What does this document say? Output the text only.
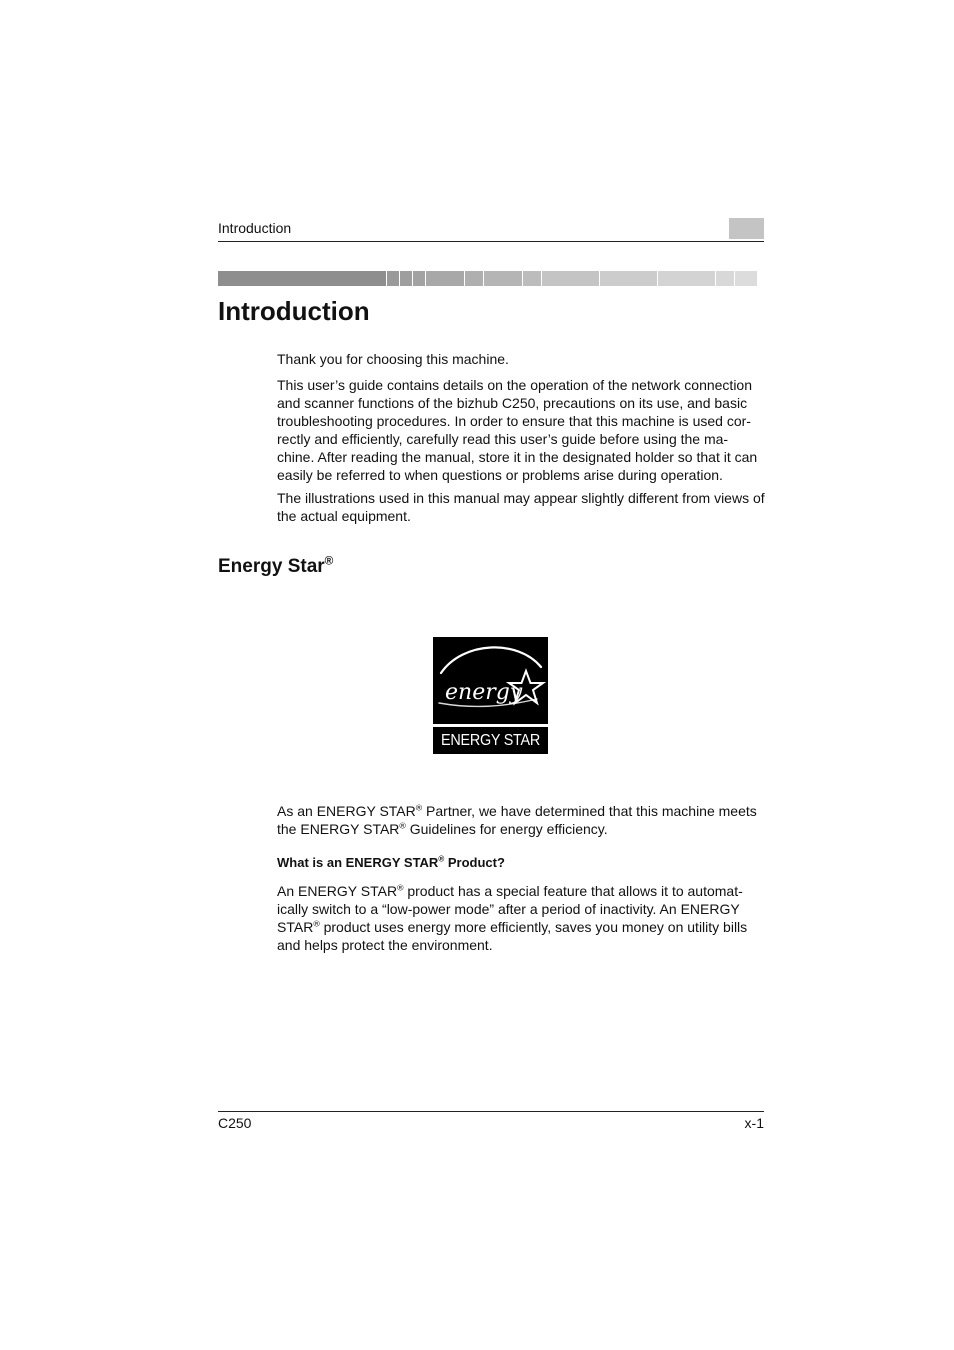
Introduction
Introduction

Thank you for choosing this machine.

This user’s guide contains details on the operation of the network connection and scanner functions of the bizhub C250, precautions on its use, and basic troubleshooting procedures. In order to ensure that this machine is used cor-rectly and efficiently, carefully read this user’s guide before using the ma-chine. After reading the manual, store it in the designated holder so that it can easily be referred to when questions or problems arise during operation.

The illustrations used in this manual may appear slightly different from views of the actual equipment.

Energy Star®
energy
ENERGY STAR

As an ENERGY STAR® Partner, we have determined that this machine meets the ENERGY STAR® Guidelines for energy efficiency.

What is an ENERGY STAR® Product?

An ENERGY STAR® product has a special feature that allows it to automat-ically switch to a “low-power mode” after a period of inactivity. An ENERGY STAR® product uses energy more efficiently, saves you money on utility bills and helps protect the environment.

C250	x-1
